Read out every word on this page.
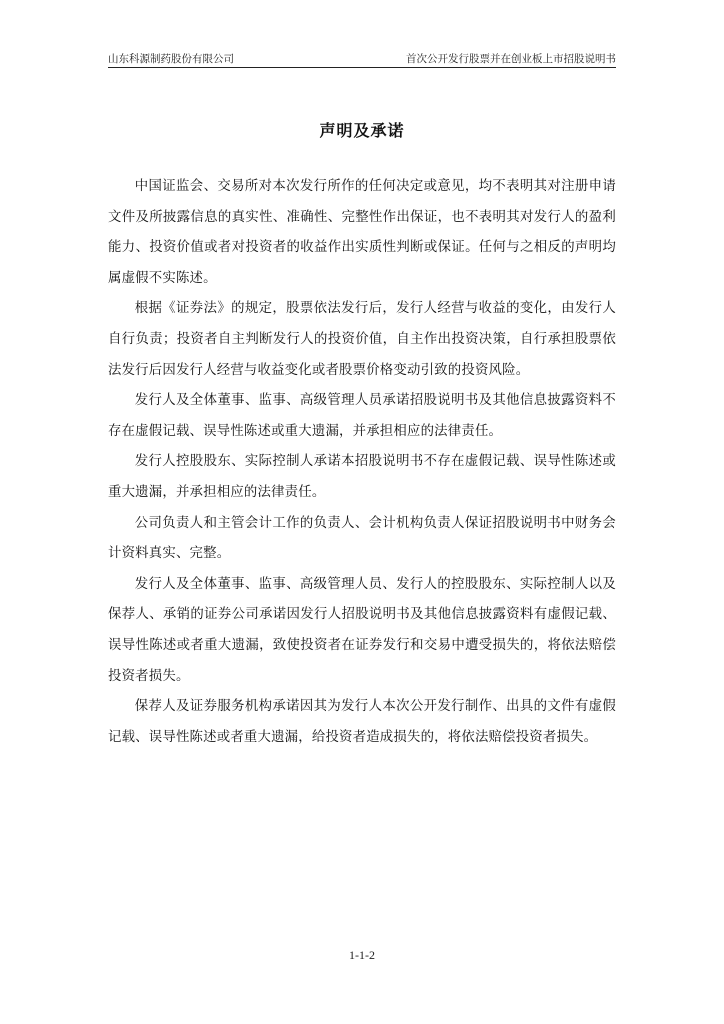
山东科源制药股份有限公司	首次公开发行股票并在创业板上市招股说明书
声明及承诺

中国证监会、交易所对本次发行所作的任何决定或意见，均不表明其对注册申请文件及所披露信息的真实性、准确性、完整性作出保证，也不表明其对发行人的盈利能力、投资价值或者对投资者的收益作出实质性判断或保证。任何与之相反的声明均属虚假不实陈述。

根据《证券法》的规定，股票依法发行后，发行人经营与收益的变化，由发行人自行负责；投资者自主判断发行人的投资价值，自主作出投资决策，自行承担股票依法发行后因发行人经营与收益变化或者股票价格变动引致的投资风险。

发行人及全体董事、监事、高级管理人员承诺招股说明书及其他信息披露资料不存在虚假记载、误导性陈述或重大遗漏，并承担相应的法律责任。

发行人控股股东、实际控制人承诺本招股说明书不存在虚假记载、误导性陈述或重大遗漏，并承担相应的法律责任。

公司负责人和主管会计工作的负责人、会计机构负责人保证招股说明书中财务会计资料真实、完整。

发行人及全体董事、监事、高级管理人员、发行人的控股股东、实际控制人以及保荐人、承销的证券公司承诺因发行人招股说明书及其他信息披露资料有虚假记载、误导性陈述或者重大遗漏，致使投资者在证券发行和交易中遭受损失的，将依法赔偿投资者损失。

保荐人及证券服务机构承诺因其为发行人本次公开发行制作、出具的文件有虚假记载、误导性陈述或者重大遗漏，给投资者造成损失的，将依法赔偿投资者损失。

1-1-2
